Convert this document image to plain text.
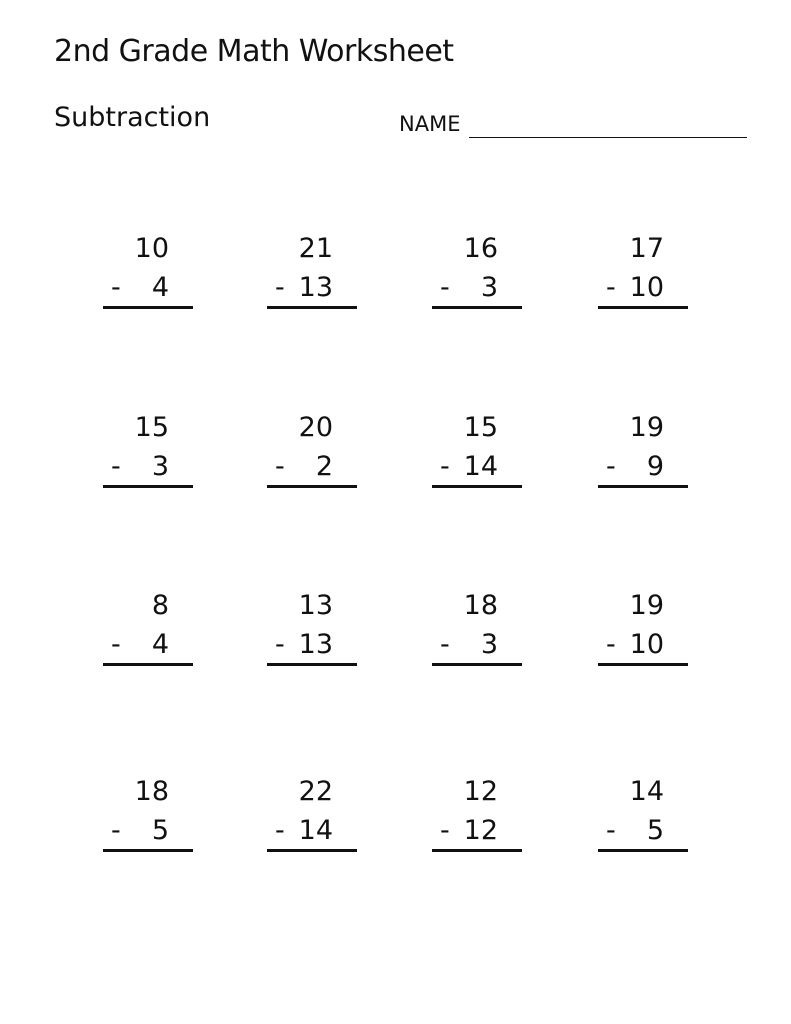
2nd Grade Math Worksheet
Subtraction	NAME
10
- 4
21
- 13
16
- 3
17
- 10
15
- 3
20
- 2
15
- 14
19
- 9
8
- 4
13
- 13
18
- 3
19
- 10
18
- 5
22
- 14
12
- 12
14
- 5
